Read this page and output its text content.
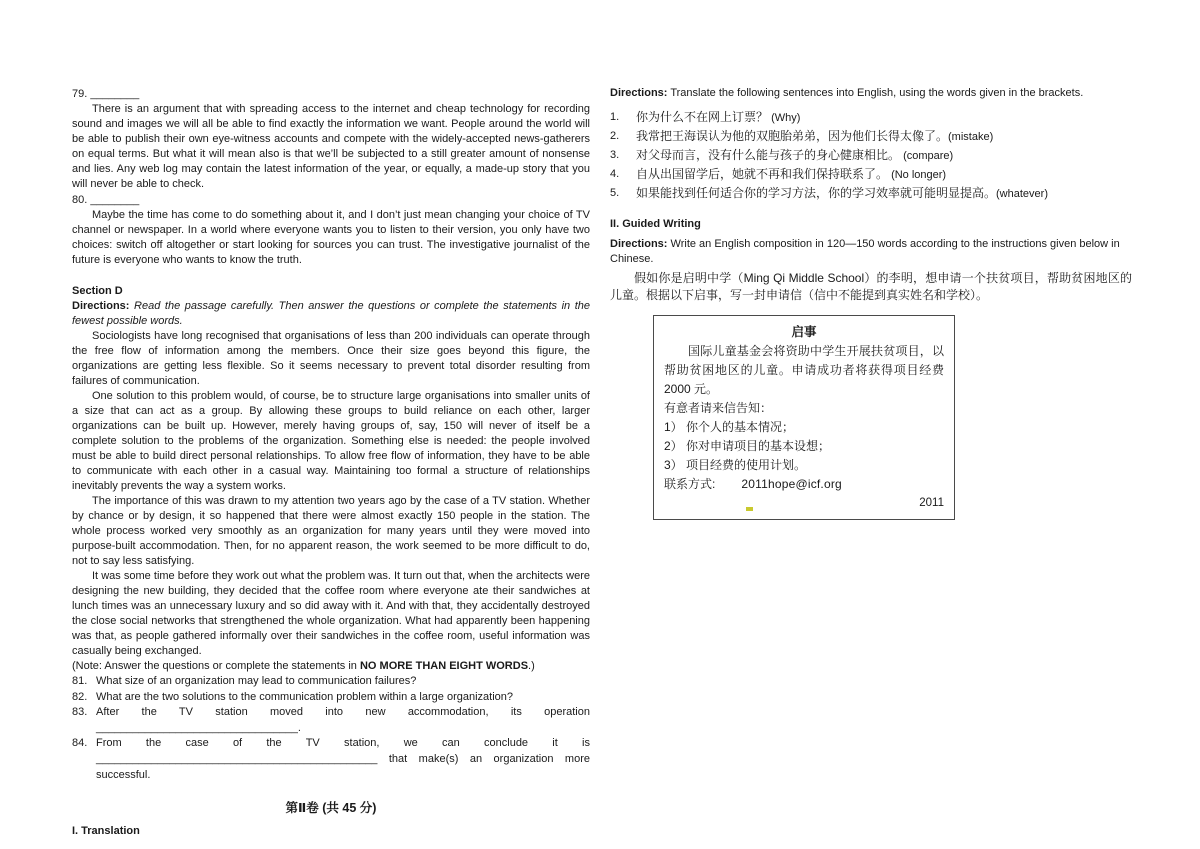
79. ________

There is an argument that with spreading access to the internet and cheap technology for recording sound and images we will all be able to find exactly the information we want. People around the world will be able to publish their own eye-witness accounts and compete with the widely-accepted news-gatherers on equal terms. But what it will mean also is that we’ll be subjected to a still greater amount of nonsense and lies. Any web log may contain the latest information of the year, or equally, a made-up story that you will never be able to check.

80. ________

Maybe the time has come to do something about it, and I don’t just mean changing your choice of TV channel or newspaper. In a world where everyone wants you to listen to their version, you only have two choices: switch off altogether or start looking for sources you can trust. The investigative journalist of the future is everyone who wants to know the truth.

Section D

Directions: Read the passage carefully. Then answer the questions or complete the statements in the fewest possible words.

Sociologists have long recognised that organisations of less than 200 individuals can operate through the free flow of information among the members. Once their size goes beyond this figure, the organizations are getting less flexible. So it seems necessary to prevent total disorder resulting from failures of communication.

One solution to this problem would, of course, be to structure large organisations into smaller units of a size that can act as a group. By allowing these groups to build reliance on each other, larger organizations can be built up. However, merely having groups of, say, 150 will never of itself be a complete solution to the problems of the organization. Something else is needed: the people involved must be able to build direct personal relationships. To allow free flow of information, they have to be able to communicate with each other in a casual way. Maintaining too formal a structure of relationships inevitably prevents the way a system works.

The importance of this was drawn to my attention two years ago by the case of a TV station. Whether by chance or by design, it so happened that there were almost exactly 150 people in the station. The whole process worked very smoothly as an organization for many years until they were moved into purpose-built accommodation. Then, for no apparent reason, the work seemed to be more difficult to do, not to say less satisfying.

It was some time before they work out what the problem was. It turn out that, when the architects were designing the new building, they decided that the coffee room where everyone ate their sandwiches at lunch times was an unnecessary luxury and so did away with it. And with that, they accidentally destroyed the close social networks that strengthened the whole organization. What had apparently been happening was that, as people gathered informally over their sandwiches in the coffee room, useful information was casually being exchanged.

(Note: Answer the questions or complete the statements in NO MORE THAN EIGHT WORDS.)

81. What size of an organization may lead to communication failures?
82. What are the two solutions to the communication problem within a large organization?
83. After the TV station moved into new accommodation, its operation _________________________________.
84. From the case of the TV station, we can conclude it is ______________________________________________ that make(s) an organization more successful.

第Ⅱ卷 (共 45 分)

I. Translation

Directions: Translate the following sentences into English, using the words given in the brackets.

1.	你为什么不在网上订票？ (Why)
2.	我常把王海误认为他的双胞胎弟弟，因为他们长得太像了。(mistake)
3.	对父母而言，没有什么能与孩子的身心健康相比。 (compare)
4.	自从出国留学后，她就不再和我们保持联系了。 (No longer)
5.	如果能找到任何适合你的学习方法，你的学习效率就可能明显提高。(whatever)

II. Guided Writing

Directions: Write an English composition in 120—150 words according to the instructions given below in Chinese.

假如你是启明中学（Ming Qi Middle School）的李明，想申请一个扶贫项目，帮助贫困地区的儿童。根据以下启事，写一封申请信（信中不能提到真实姓名和学校）。

启事

国际儿童基金会将资助中学生开展扶贫项目，以帮助贫困地区的儿童。申请成功者将获得项目经费 2000 元。

有意者请来信告知：

1） 你个人的基本情况；

2） 你对申请项目的基本设想；

3） 项目经费的使用计划。

联系方式: 2011hope@icf.org

2011
